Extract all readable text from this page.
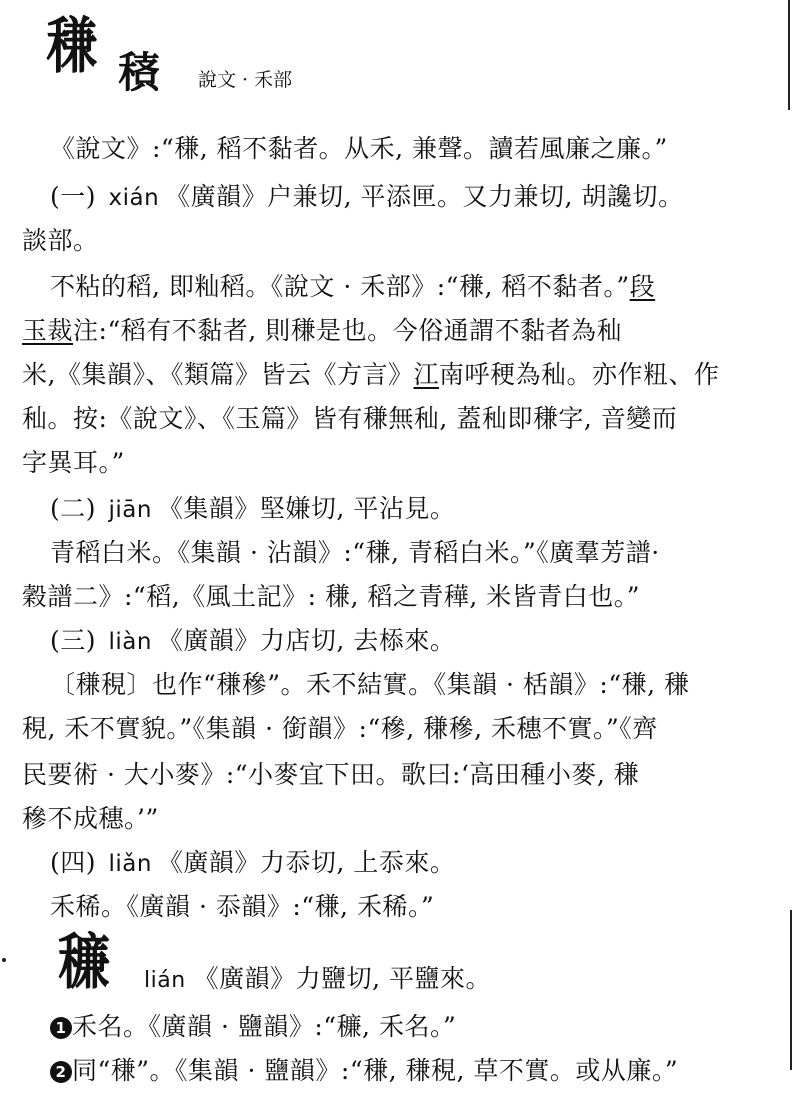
稴 䅩 說文 · 禾部
《說文》:“稴, 稻不黏者。从禾, 兼聲。讀若風廉之廉。”
(一) xián 《廣韻》户兼切, 平添匣。又力兼切, 胡讒切。
談部。
不粘的稻, 即籼稻。《說文 · 禾部》:“稴, 稻不黏者。”段
玉裁注:“稻有不黏者, 則稴是也。今俗通謂不黏者為秈
米,《集韻》、《類篇》皆云《方言》江南呼稉為秈。亦作粈、作
秈。按:《說文》、《玉篇》皆有稴無秈, 蓋秈即稴字, 音變而
字異耳。”
(二) jiān 《集韻》堅嫌切, 平沾見。
青稻白米。《集韻 · 沾韻》:“稴, 青稻白米。”《廣羣芳譜·
穀譜二》:“稻,《風土記》: 稴, 稻之青䅿, 米皆青白也。”
(三) liàn 《廣韻》力店切, 去㮇來。
〔稴䅐〕也作“稴穇”。禾不結實。《集韻 · 栝韻》:“稴, 稴
䅐, 禾不實貌。”《集韻 · 銜韻》:“穇, 稴穇, 禾穗不實。”《齊
民要術 · 大小麥》:“小麥宜下田。歌曰:‘高田種小麥, 稴
穇不成穗。’”
(四) liǎn 《廣韻》力忝切, 上忝來。
禾稀。《廣韻 · 忝韻》:“稴, 禾稀。”
䆂 lián 《廣韻》力鹽切, 平鹽來。
1 禾名。《廣韻 · 鹽韻》:“䆂, 禾名。”
2 同“稴”。《集韻 · 鹽韻》:“稴, 稴䅐, 草不實。或从廉。”
